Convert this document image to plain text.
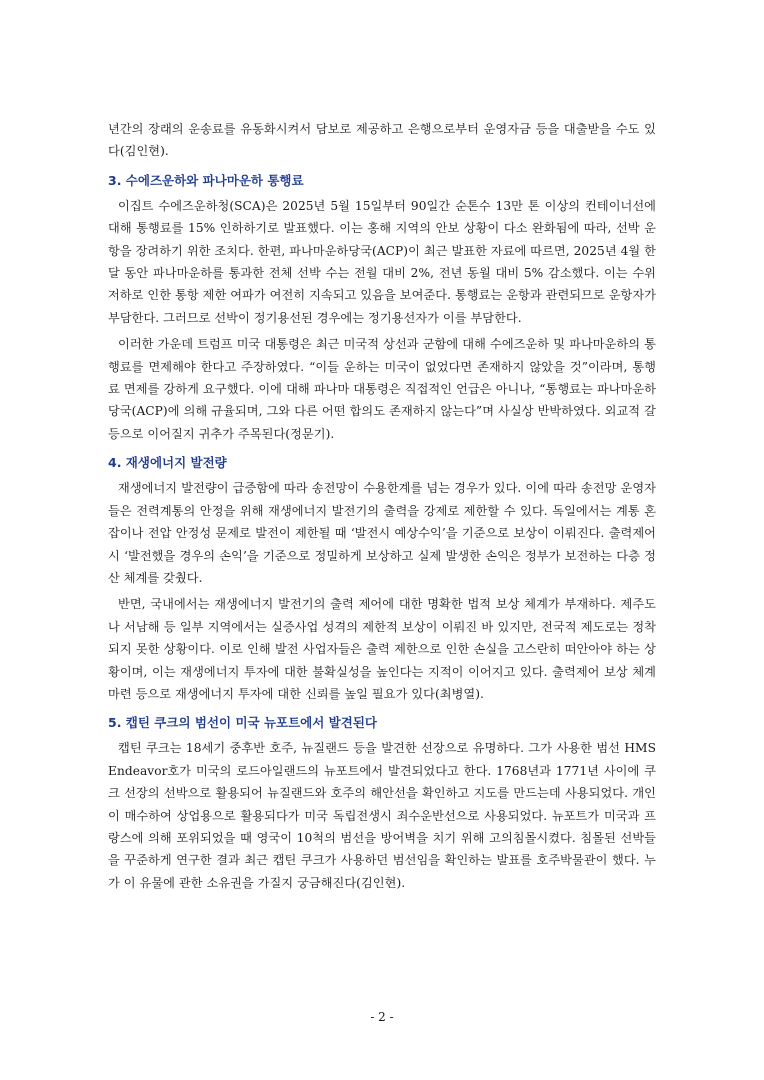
년간의 장래의 운송료를 유동화시켜서 담보로 제공하고 은행으로부터 운영자금 등을 대출받을 수도 있다(김인현).

3. 수에즈운하와 파나마운하 통행료

이집트 수에즈운하청(SCA)은 2025년 5월 15일부터 90일간 순톤수 13만 톤 이상의 컨테이너선에 대해 통행료를 15% 인하하기로 발표했다. 이는 홍해 지역의 안보 상황이 다소 완화됨에 따라, 선박 운항을 장려하기 위한 조치다. 한편, 파나마운하당국(ACP)이 최근 발표한 자료에 따르면, 2025년 4월 한 달 동안 파나마운하를 통과한 전체 선박 수는 전월 대비 2%, 전년 동월 대비 5% 감소했다. 이는 수위 저하로 인한 통항 제한 여파가 여전히 지속되고 있음을 보여준다. 통행료는 운항과 관련되므로 운항자가 부담한다. 그러므로 선박이 정기용선된 경우에는 정기용선자가 이를 부담한다.

이러한 가운데 트럼프 미국 대통령은 최근 미국적 상선과 군함에 대해 수에즈운하 및 파나마운하의 통행료를 면제해야 한다고 주장하였다. “이들 운하는 미국이 없었다면 존재하지 않았을 것”이라며, 통행료 면제를 강하게 요구했다. 이에 대해 파나마 대통령은 직접적인 언급은 아니나, “통행료는 파나마운하당국(ACP)에 의해 규율되며, 그와 다른 어떤 합의도 존재하지 않는다”며 사실상 반박하였다. 외교적 갈등으로 이어질지 귀추가 주목된다(정문기).

4. 재생에너지 발전량

재생에너지 발전량이 급증함에 따라 송전망이 수용한계를 넘는 경우가 있다. 이에 따라 송전망 운영자들은 전력계통의 안정을 위해 재생에너지 발전기의 출력을 강제로 제한할 수 있다. 독일에서는 계통 혼잡이나 전압 안정성 문제로 발전이 제한될 때 ‘발전시 예상수익’을 기준으로 보상이 이뤄진다. 출력제어시 ‘발전했을 경우의 손익’을 기준으로 정밀하게 보상하고 실제 발생한 손익은 정부가 보전하는 다층 정산 체계를 갖췄다.

반면, 국내에서는 재생에너지 발전기의 출력 제어에 대한 명확한 법적 보상 체계가 부재하다. 제주도나 서남해 등 일부 지역에서는 실증사업 성격의 제한적 보상이 이뤄진 바 있지만, 전국적 제도로는 정착되지 못한 상황이다. 이로 인해 발전 사업자들은 출력 제한으로 인한 손실을 고스란히 떠안아야 하는 상황이며, 이는 재생에너지 투자에 대한 불확실성을 높인다는 지적이 이어지고 있다. 출력제어 보상 체계 마련 등으로 재생에너지 투자에 대한 신뢰를 높일 필요가 있다(최병열).

5. 캡틴 쿠크의 범선이 미국 뉴포트에서 발견된다

캡틴 쿠크는 18세기 중후반 호주, 뉴질랜드 등을 발견한 선장으로 유명하다. 그가 사용한 범선 HMS Endeavor호가 미국의 로드아일랜드의 뉴포트에서 발견되었다고 한다. 1768년과 1771년 사이에 쿠크 선장의 선박으로 활용되어 뉴질랜드와 호주의 해안선을 확인하고 지도를 만드는데 사용되었다. 개인이 매수하여 상업용으로 활용되다가 미국 독립전생시 죄수운반선으로 사용되었다. 뉴포트가 미국과 프랑스에 의해 포위되었을 때 영국이 10척의 범선을 방어벽을 치기 위해 고의침몰시켰다. 침몰된 선박들을 꾸준하게 연구한 결과 최근 캡틴 쿠크가 사용하던 범선임을 확인하는 발표를 호주박물관이 했다. 누가 이 유물에 관한 소유권을 가질지 궁금해진다(김인현).

- 2 -
